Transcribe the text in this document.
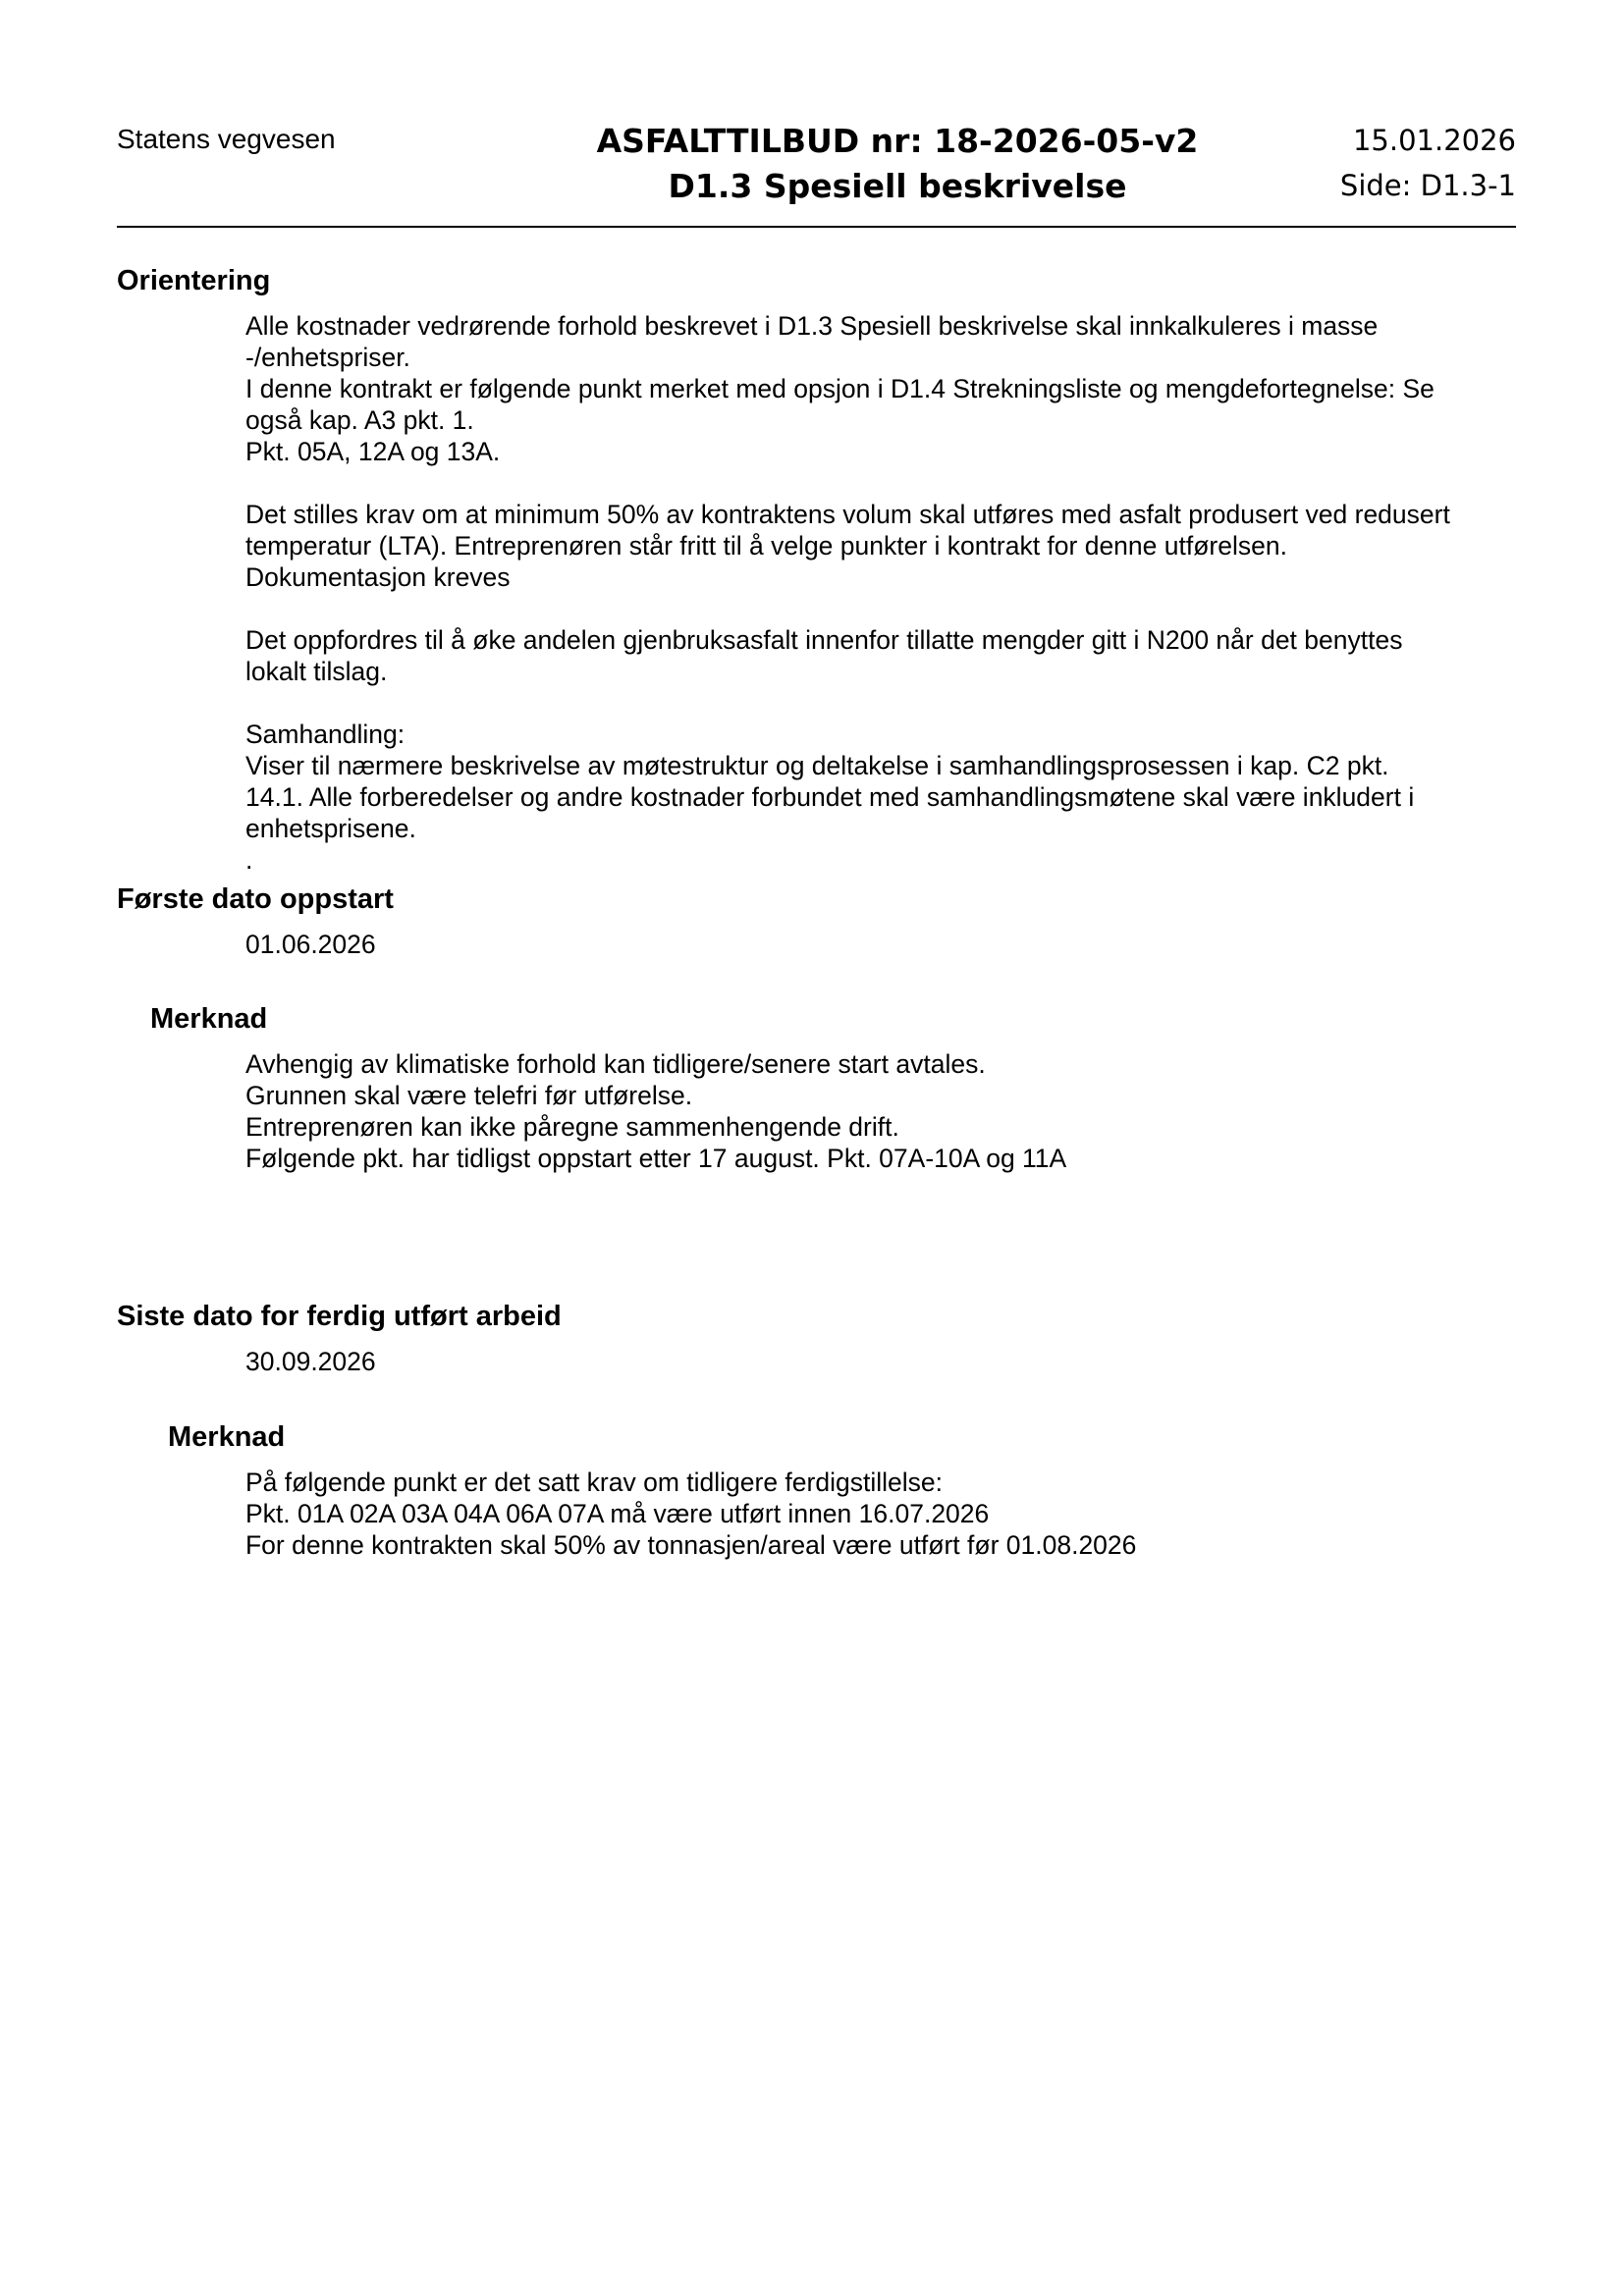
Statens vegvesen	ASFALTTILBUD nr: 18-2026-05-v2
D1.3 Spesiell beskrivelse
15.01.2026
Side: D1.3-1
Orientering
Alle kostnader vedrørende forhold beskrevet i D1.3 Spesiell beskrivelse skal innkalkuleres i masse
-/enhetspriser.
I denne kontrakt er følgende punkt merket med opsjon i D1.4 Strekningsliste og mengdefortegnelse: Se
også kap. A3 pkt. 1.
Pkt. 05A, 12A og 13A.
Det stilles krav om at minimum 50% av kontraktens volum skal utføres med asfalt produsert ved redusert
temperatur (LTA). Entreprenøren står fritt til å velge punkter i kontrakt for denne utførelsen.
Dokumentasjon kreves
Det oppfordres til å øke andelen gjenbruksasfalt innenfor tillatte mengder gitt i N200 når det benyttes
lokalt tilslag.
Samhandling:
Viser til nærmere beskrivelse av møtestruktur og deltakelse i samhandlingsprosessen i kap. C2 pkt.
14.1. Alle forberedelser og andre kostnader forbundet med samhandlingsmøtene skal være inkludert i
enhetsprisene.
.
Første dato oppstart
01.06.2026
Merknad
Avhengig av klimatiske forhold kan tidligere/senere start avtales.
Grunnen skal være telefri før utførelse.
Entreprenøren kan ikke påregne sammenhengende drift.
Følgende pkt. har tidligst oppstart etter 17 august. Pkt. 07A-10A og 11A
Siste dato for ferdig utført arbeid
30.09.2026
Merknad
På følgende punkt er det satt krav om tidligere ferdigstillelse:
Pkt. 01A 02A 03A 04A 06A 07A må være utført innen 16.07.2026
For denne kontrakten skal 50% av tonnasjen/areal være utført før 01.08.2026
